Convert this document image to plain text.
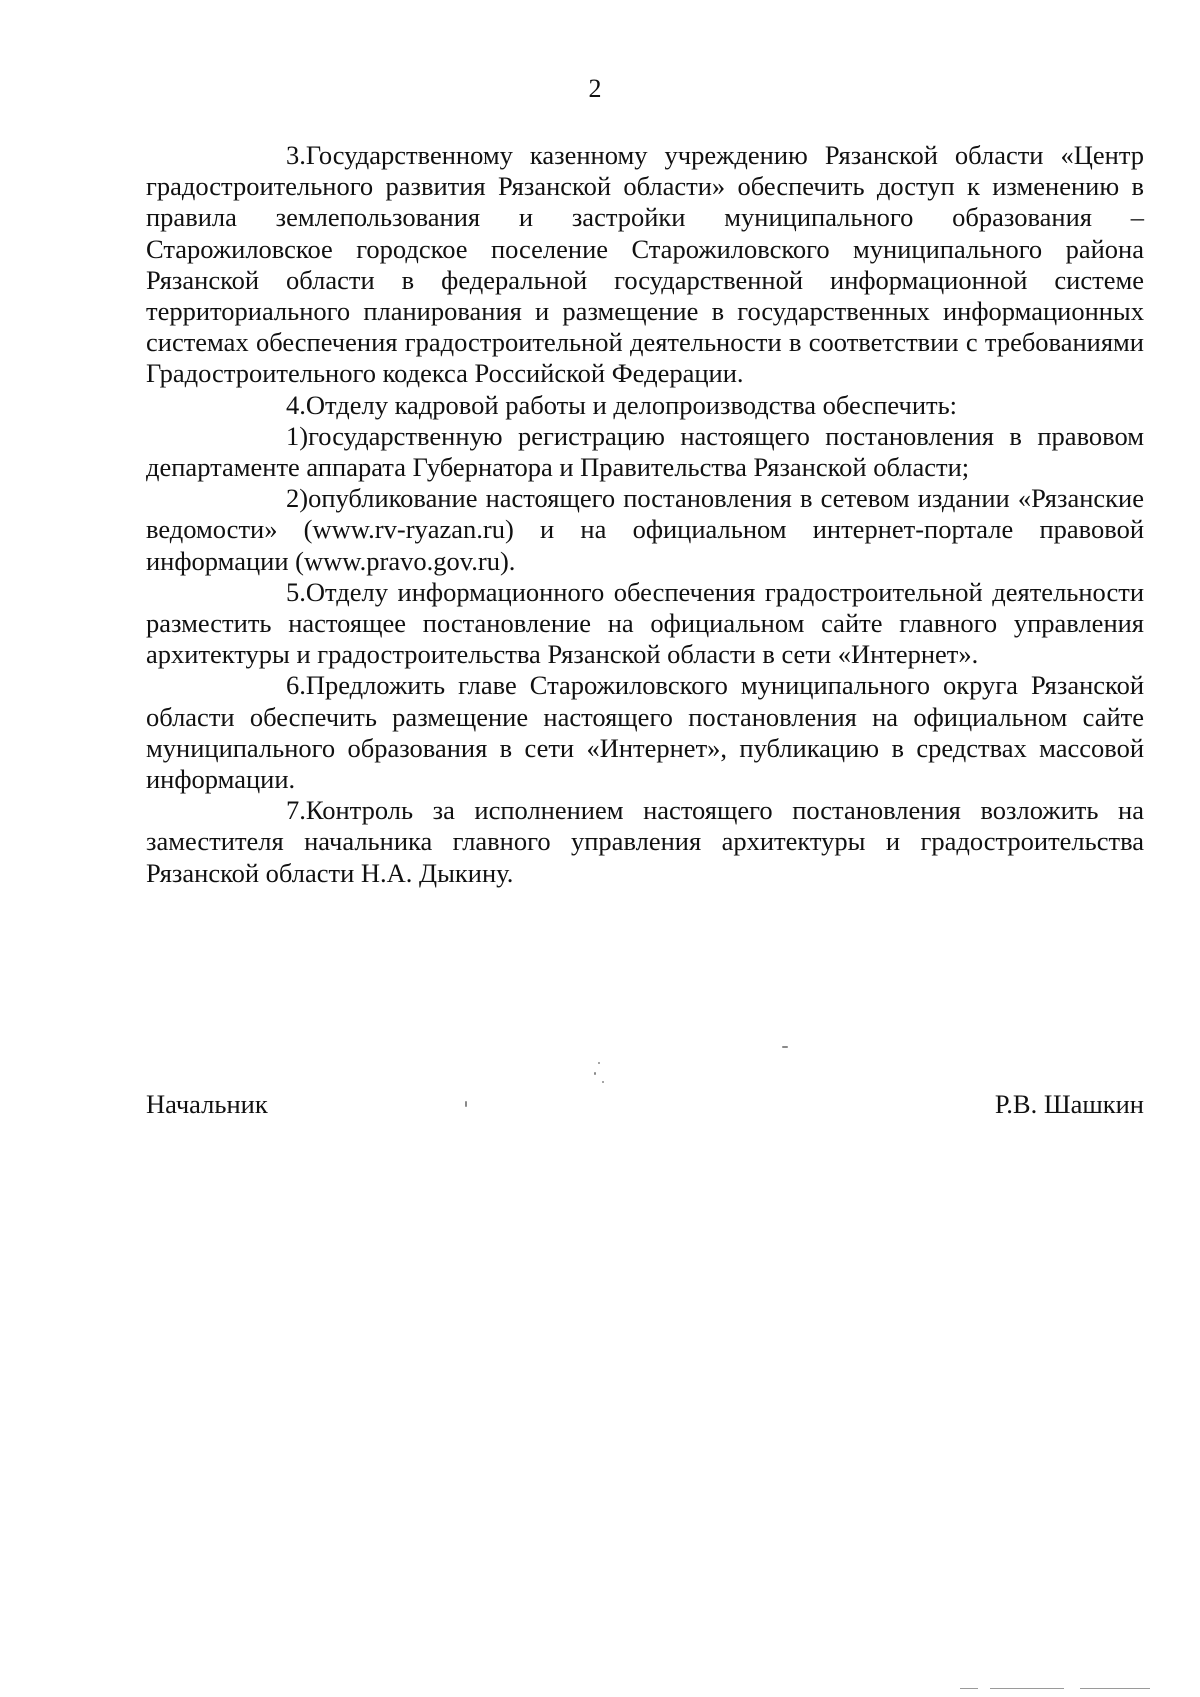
2

3.Государственному казенному учреждению Рязанской области «Центр градостроительного развития Рязанской области» обеспечить доступ к изменению в правила землепользования и застройки муниципального образования – Старожиловское городское поселение Старожиловского муниципального района Рязанской области в федеральной государственной информационной системе территориального планирования и размещение в государственных информационных системах обеспечения градостроительной деятельности в соответствии с требованиями Градостроительного кодекса Российской Федерации.

4.Отделу кадровой работы и делопроизводства обеспечить:

1)государственную регистрацию настоящего постановления в правовом департаменте аппарата Губернатора и Правительства Рязанской области;

2)опубликование настоящего постановления в сетевом издании «Рязанские ведомости» (www.rv-ryazan.ru) и на официальном интернет-портале правовой информации (www.pravo.gov.ru).

5.Отделу информационного обеспечения градостроительной деятельности разместить настоящее постановление на официальном сайте главного управления архитектуры и градостроительства Рязанской области в сети «Интернет».

6.Предложить главе Старожиловского муниципального округа Рязанской области обеспечить размещение настоящего постановления на официальном сайте муниципального образования в сети «Интернет», публикацию в средствах массовой информации.

7.Контроль за исполнением настоящего постановления возложить на заместителя начальника главного управления архитектуры и градостроительства Рязанской области Н.А. Дыкину.

Начальник	Р.В. Шашкин
